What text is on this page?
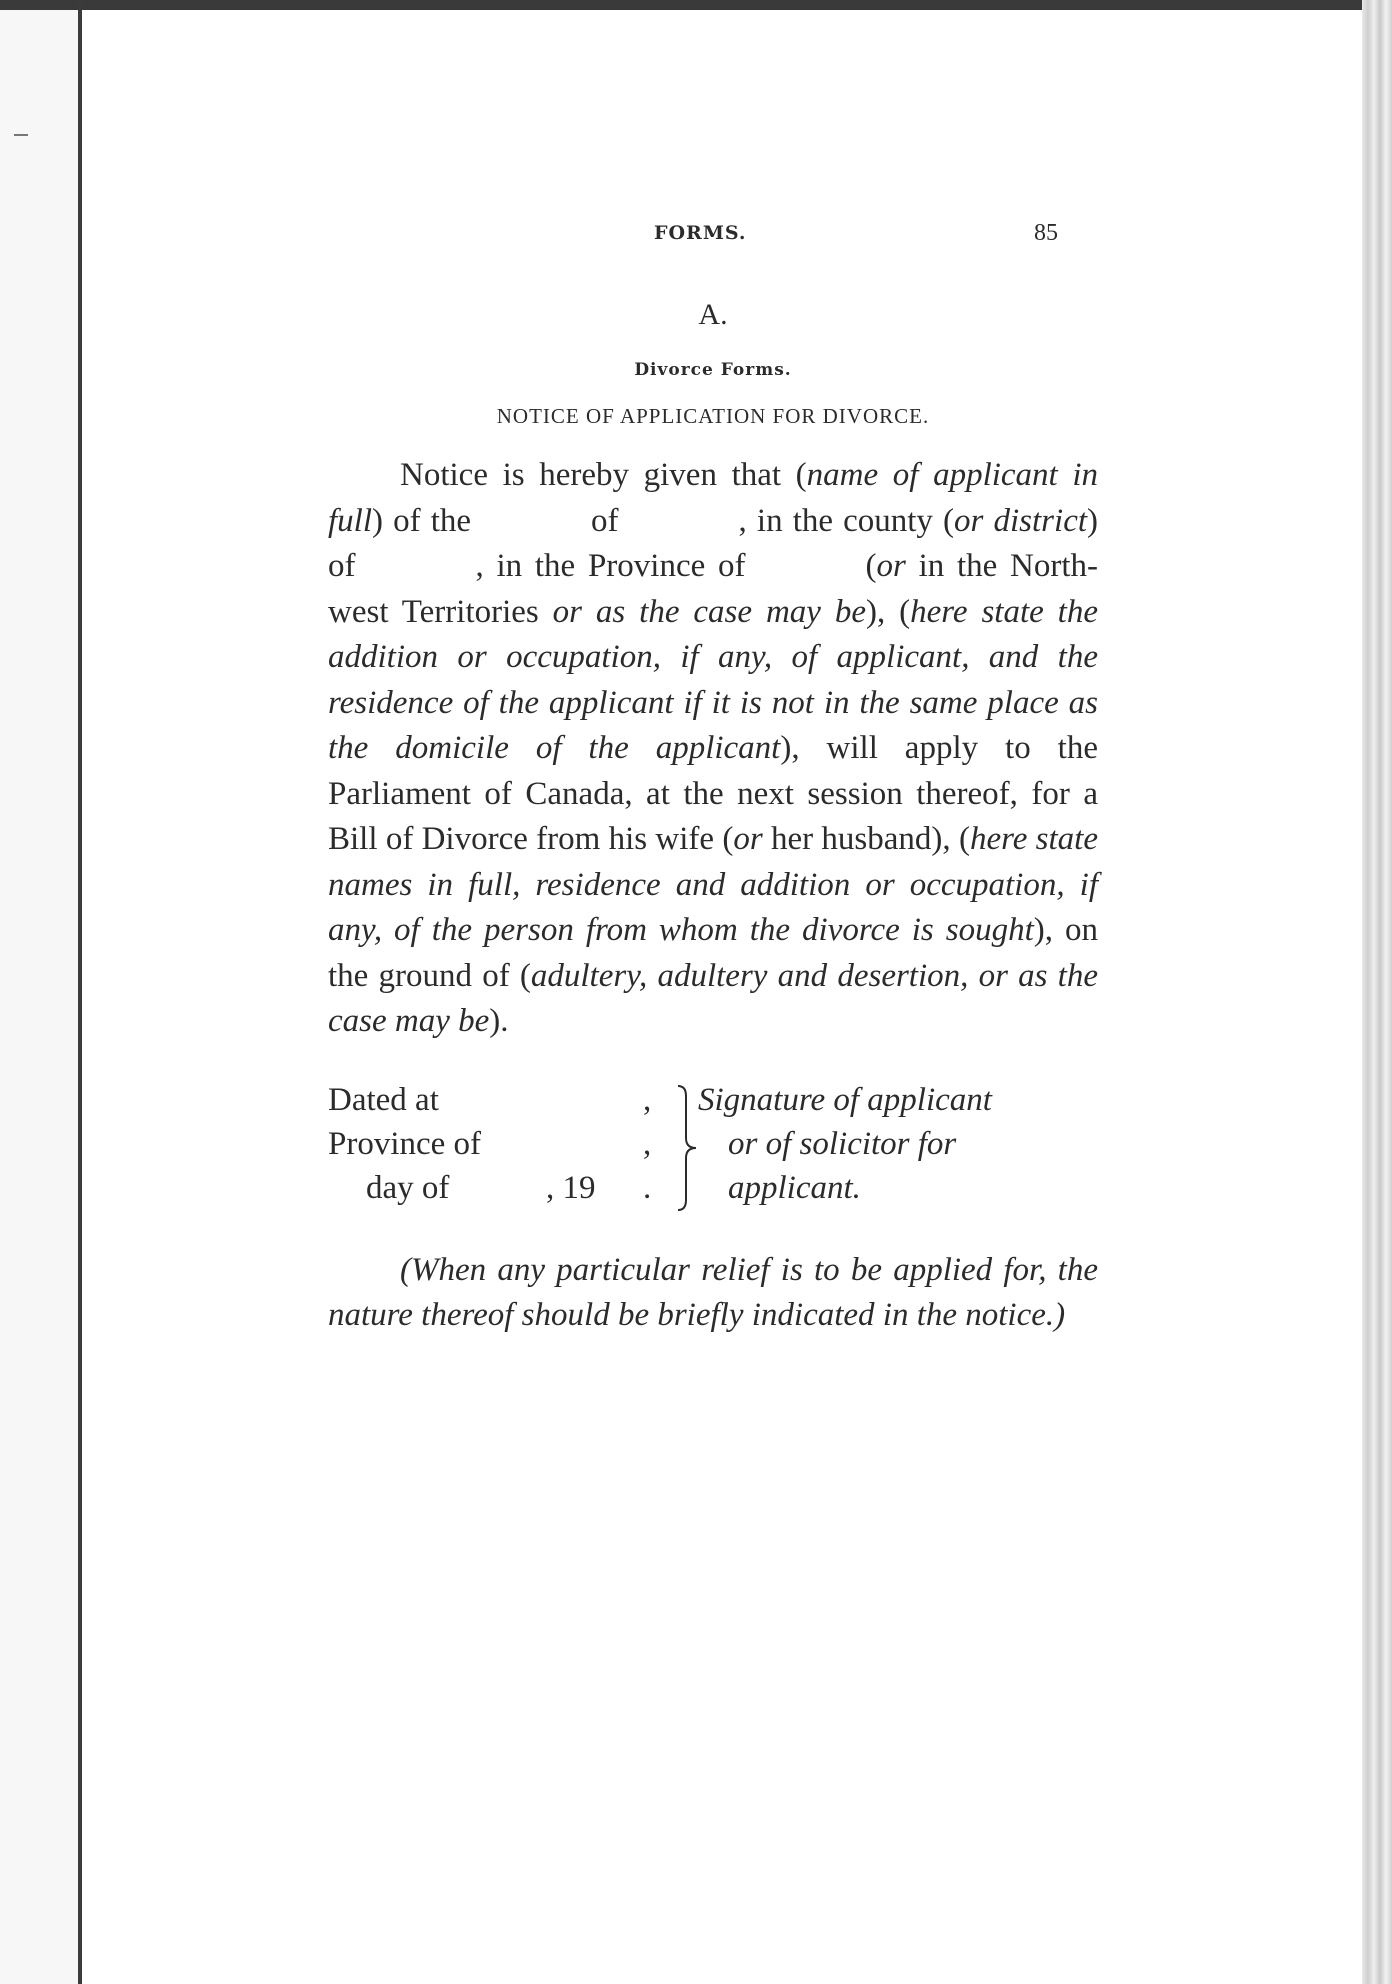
FORMS.	85
A.
Divorce Forms.
NOTICE OF APPLICATION FOR DIVORCE.

Notice is hereby given that (name of applicant in full) of the	of	, in the county (or district) of	, in the Province of	(or in the North-west Territories or as the case may be), (here state the addition or occupation, if any, of applicant, and the residence of the applicant if it is not in the same place as the domicile of the applicant), will apply to the Parliament of Canada, at the next session thereof, for a Bill of Divorce from his wife (or her husband), (here state names in full, residence and addition or occupation, if any, of the person from whom the divorce is sought), on the ground of (adultery, adultery and desertion, or as the case may be).

Dated at	,
Province of	,
day of	, 19 .
Signature of applicant
or of solicitor for
applicant.

(When any particular relief is to be applied for, the nature thereof should be briefly indicated in the notice.)
